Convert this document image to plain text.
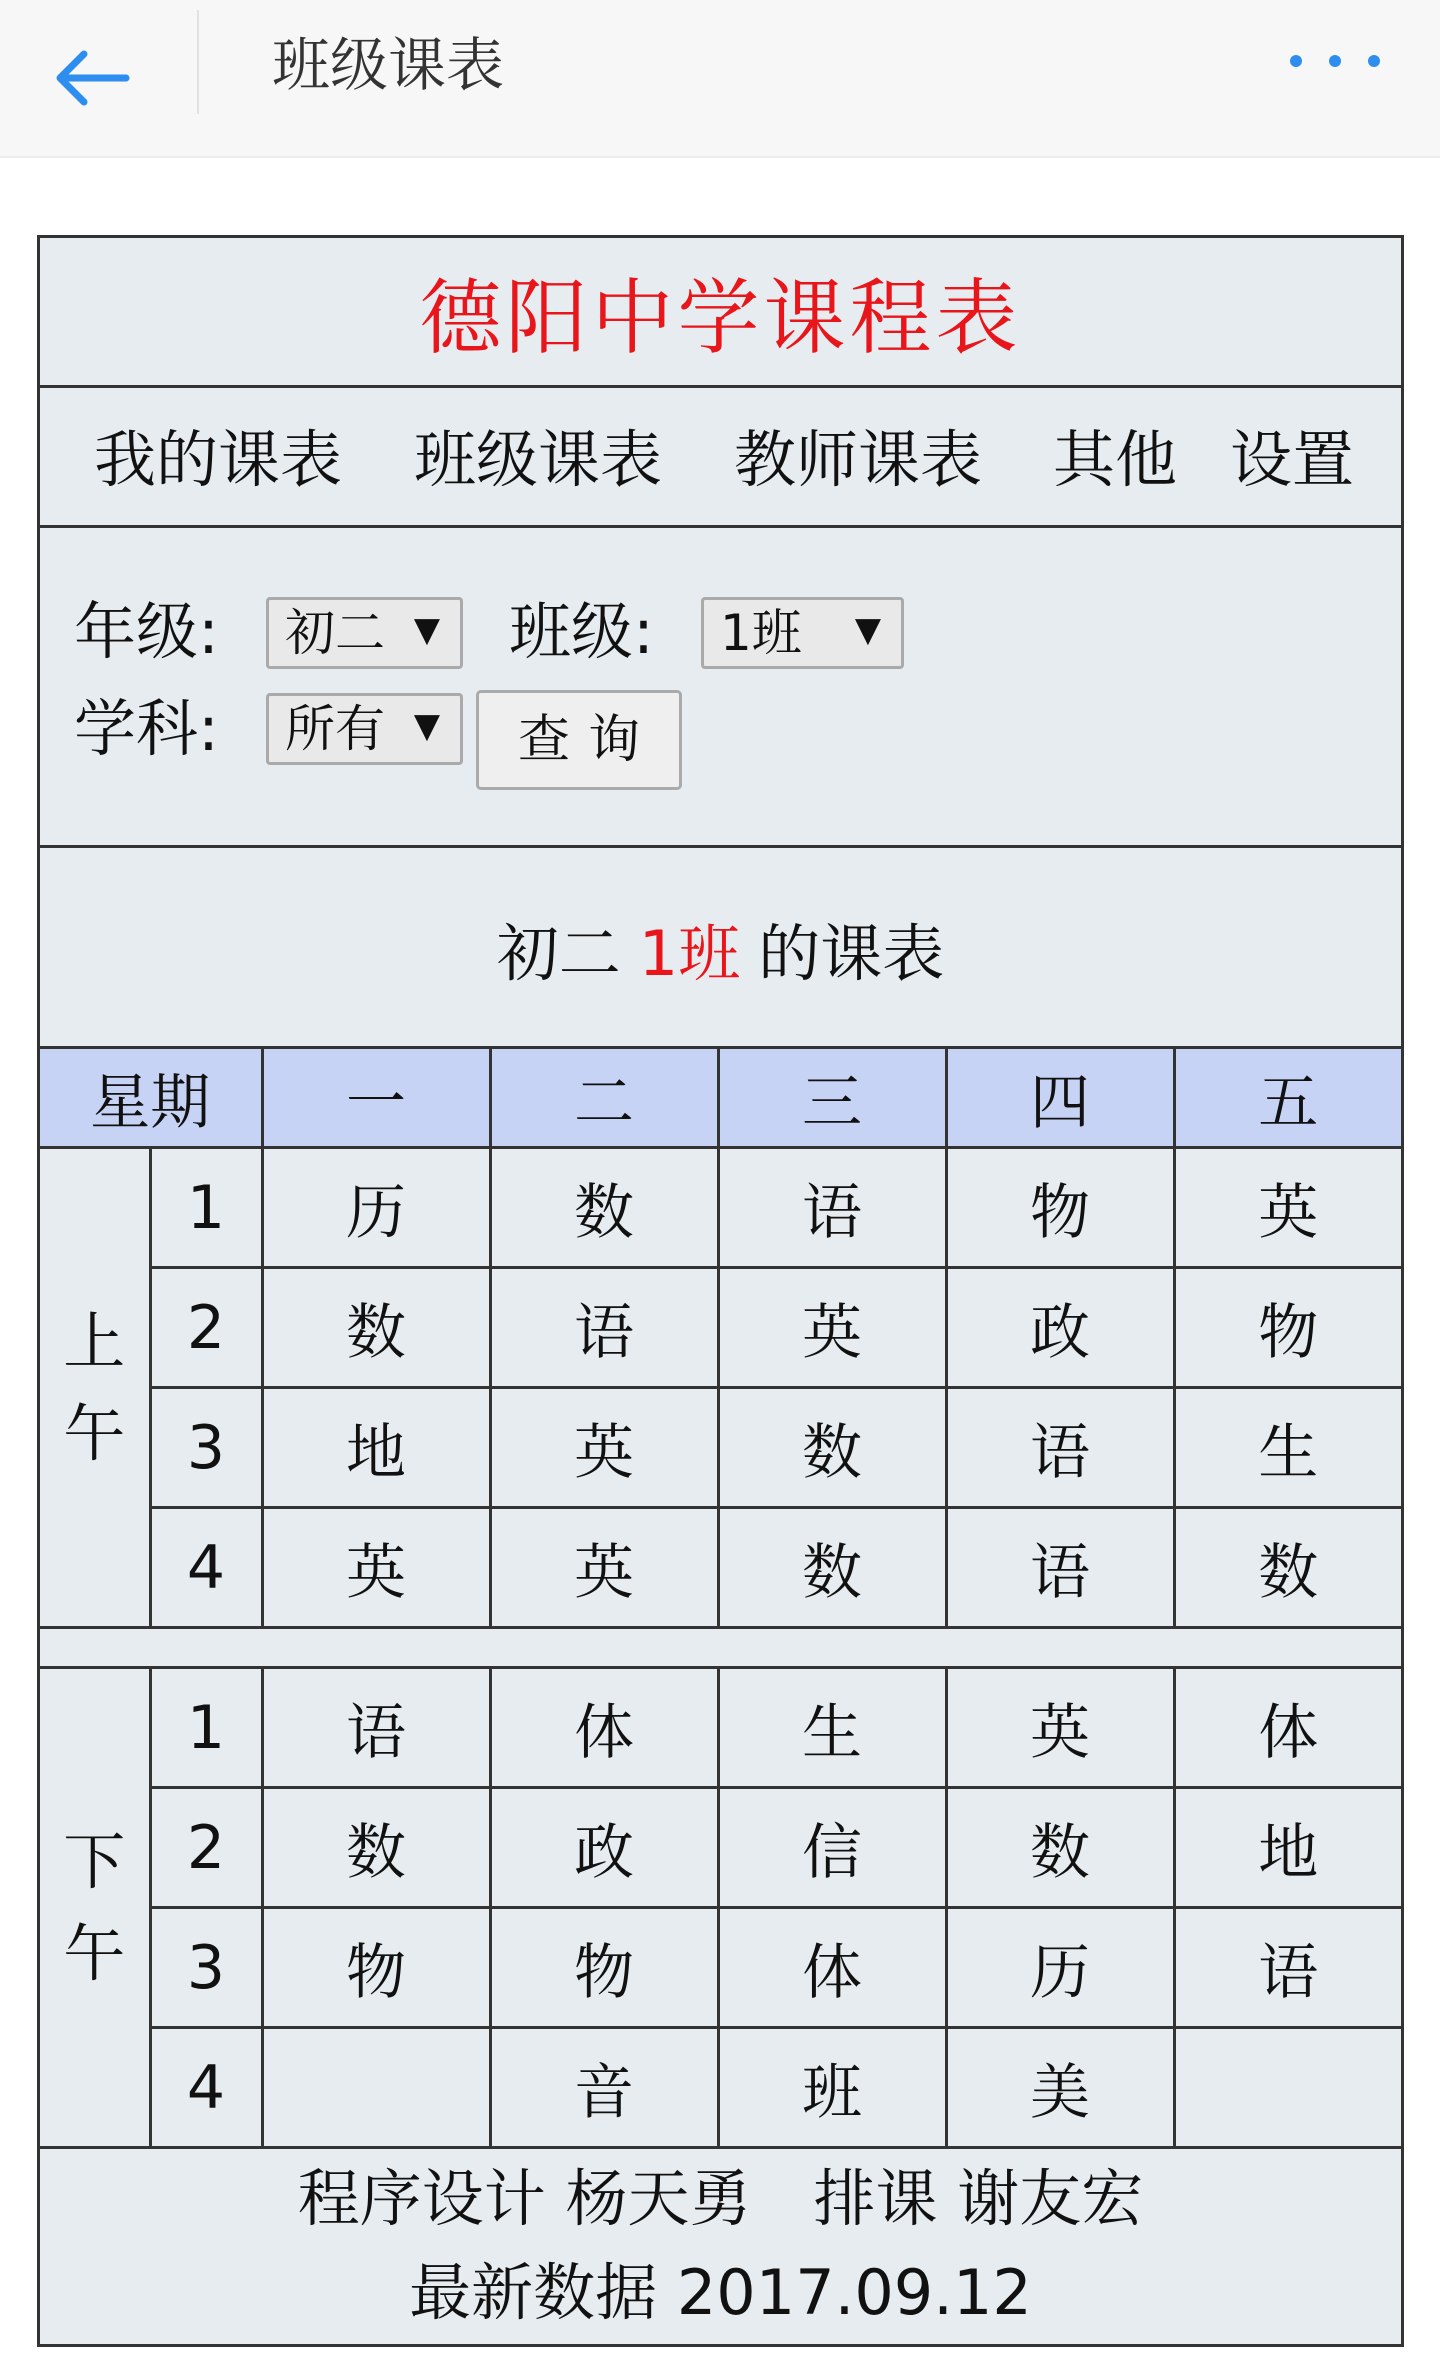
班级课表
德阳中学课程表
我的课表 班级课表 教师课表 其他 设置
年级:	初二 ▼ 班级:	1班 ▼
学科:	所有 ▼	查询
初二 1班 的课表
星期		一	二	三	四	五

上
午	1	历	数	语	物	英
	2	数	语	英	政	物
	3	地	英	数	语	生
	4	英	英	数	语	数

下
午	1	语	体	生	英	体
	2	数	政	信	数	地
	3	物	物	体	历	语
	4		音	班	美	
程序设计 杨天勇　排课 谢友宏
最新数据 2017.09.12
